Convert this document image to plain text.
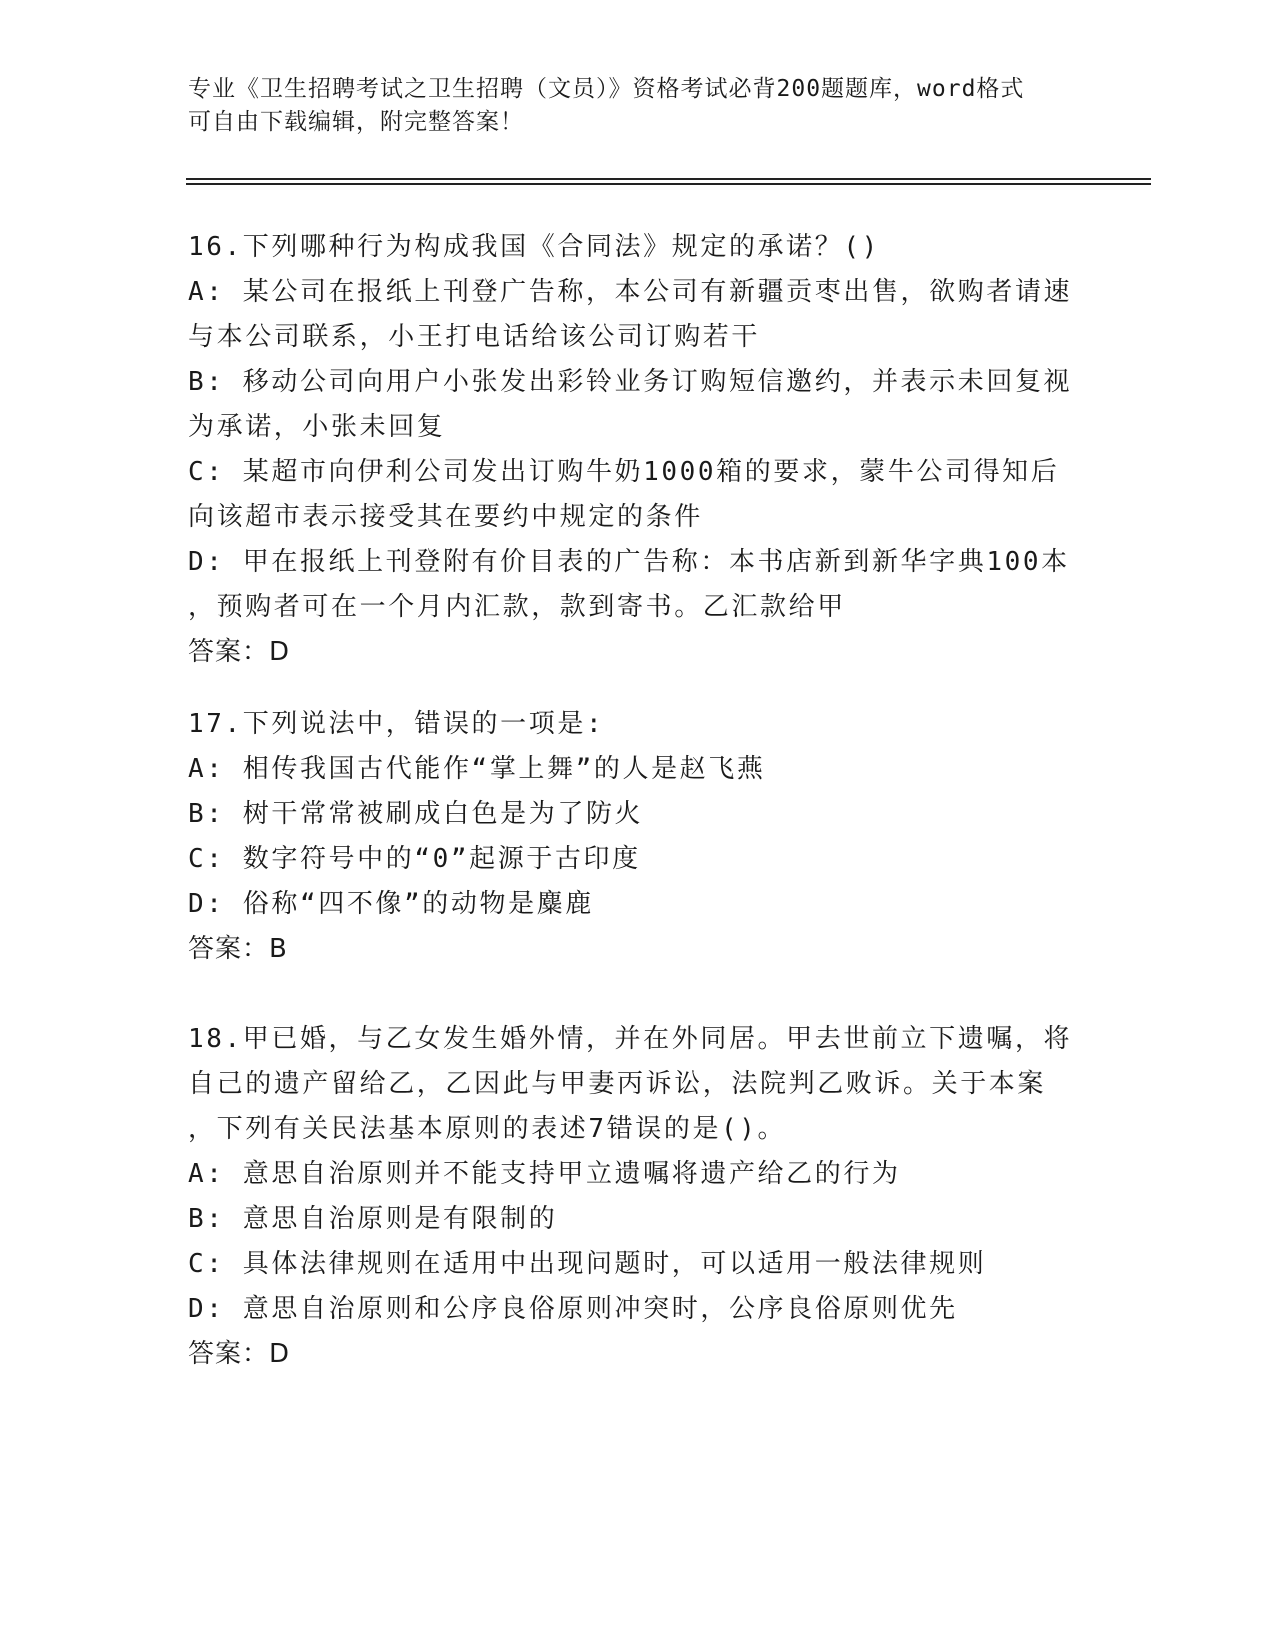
专业《卫生招聘考试之卫生招聘（文员）》资格考试必背200题题库，word格式
可自由下载编辑，附完整答案！
16.下列哪种行为构成我国《合同法》规定的承诺？()
A: 某公司在报纸上刊登广告称，本公司有新疆贡枣出售，欲购者请速
与本公司联系，小王打电话给该公司订购若干
B: 移动公司向用户小张发出彩铃业务订购短信邀约，并表示未回复视
为承诺，小张未回复
C: 某超市向伊利公司发出订购牛奶1000箱的要求，蒙牛公司得知后
向该超市表示接受其在要约中规定的条件
D: 甲在报纸上刊登附有价目表的广告称：本书店新到新华字典100本
，预购者可在一个月内汇款，款到寄书。乙汇款给甲
答案：D
17.下列说法中，错误的一项是:
A: 相传我国古代能作“掌上舞”的人是赵飞燕
B: 树干常常被刷成白色是为了防火
C: 数字符号中的“0”起源于古印度
D: 俗称“四不像”的动物是麋鹿
答案：B
18.甲已婚，与乙女发生婚外情，并在外同居。甲去世前立下遗嘱，将
自己的遗产留给乙，乙因此与甲妻丙诉讼，法院判乙败诉。关于本案
，下列有关民法基本原则的表述7错误的是()。
A: 意思自治原则并不能支持甲立遗嘱将遗产给乙的行为
B: 意思自治原则是有限制的
C: 具体法律规则在适用中出现问题时，可以适用一般法律规则
D: 意思自治原则和公序良俗原则冲突时，公序良俗原则优先
答案：D
